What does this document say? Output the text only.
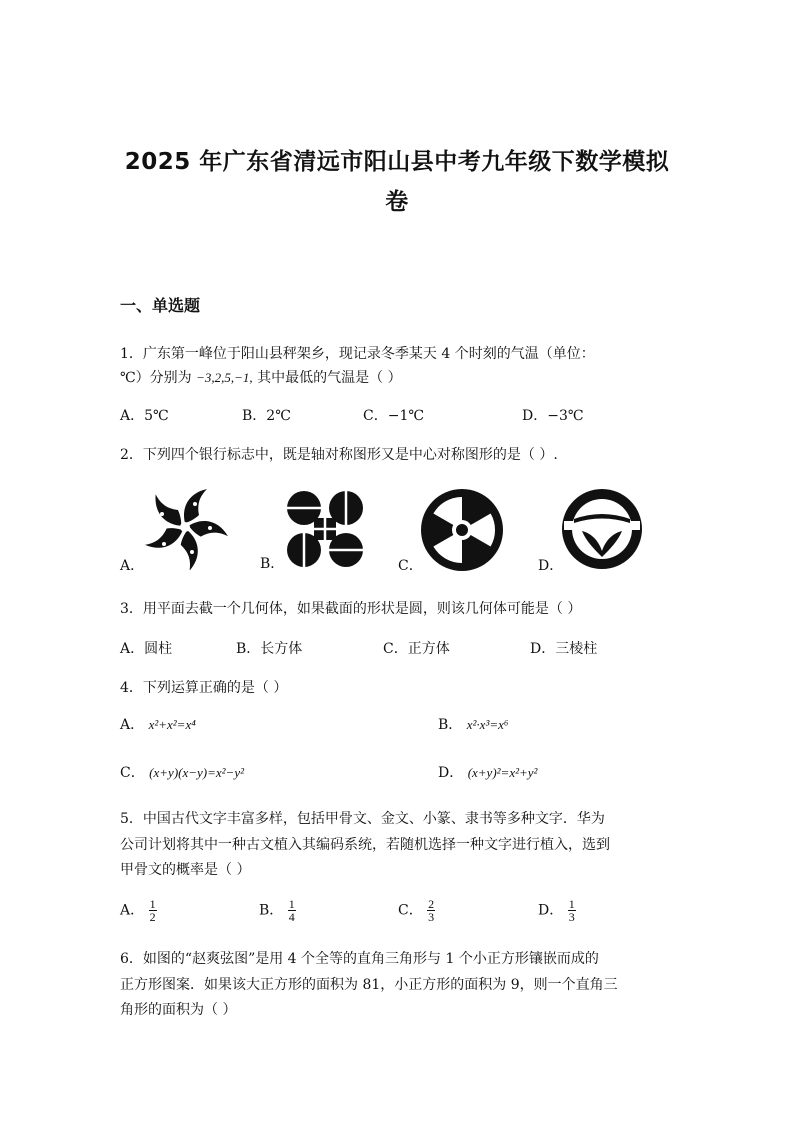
2025 年广东省清远市阳山县中考九年级下数学模拟
卷
一、单选题
1．广东第一峰位于阳山县秤架乡，现记录冬季某天 4 个时刻的气温（单位：
℃）分别为 −3,2,5,−1, 其中最低的气温是（ ）
A．5℃	B．2℃	C．−1℃	D．−3℃
2．下列四个银行标志中，既是轴对称图形又是中心对称图形的是（ ）.
A．	B．	C．	D．
3．用平面去截一个几何体，如果截面的形状是圆，则该几何体可能是（ ）
A．圆柱	B．长方体	C．正方体	D．三棱柱
4．下列运算正确的是（ ）
A． x²+x²=x⁴	B． x²·x³=x⁶
C． (x+y)(x−y)=x²−y²	D． (x+y)²=x²+y²
5．中国古代文字丰富多样，包括甲骨文、金文、小篆、隶书等多种文字．华为
公司计划将其中一种古文植入其编码系统，若随机选择一种文字进行植入，选到
甲骨文的概率是（ ）
A． $\frac{1}{2}$	B． $\frac{1}{4}$	C． $\frac{2}{3}$	D． $\frac{1}{3}$
6．如图的“赵爽弦图”是用 4 个全等的直角三角形与 1 个小正方形镶嵌而成的
正方形图案．如果该大正方形的面积为 81，小正方形的面积为 9，则一个直角三
角形的面积为（ ）
